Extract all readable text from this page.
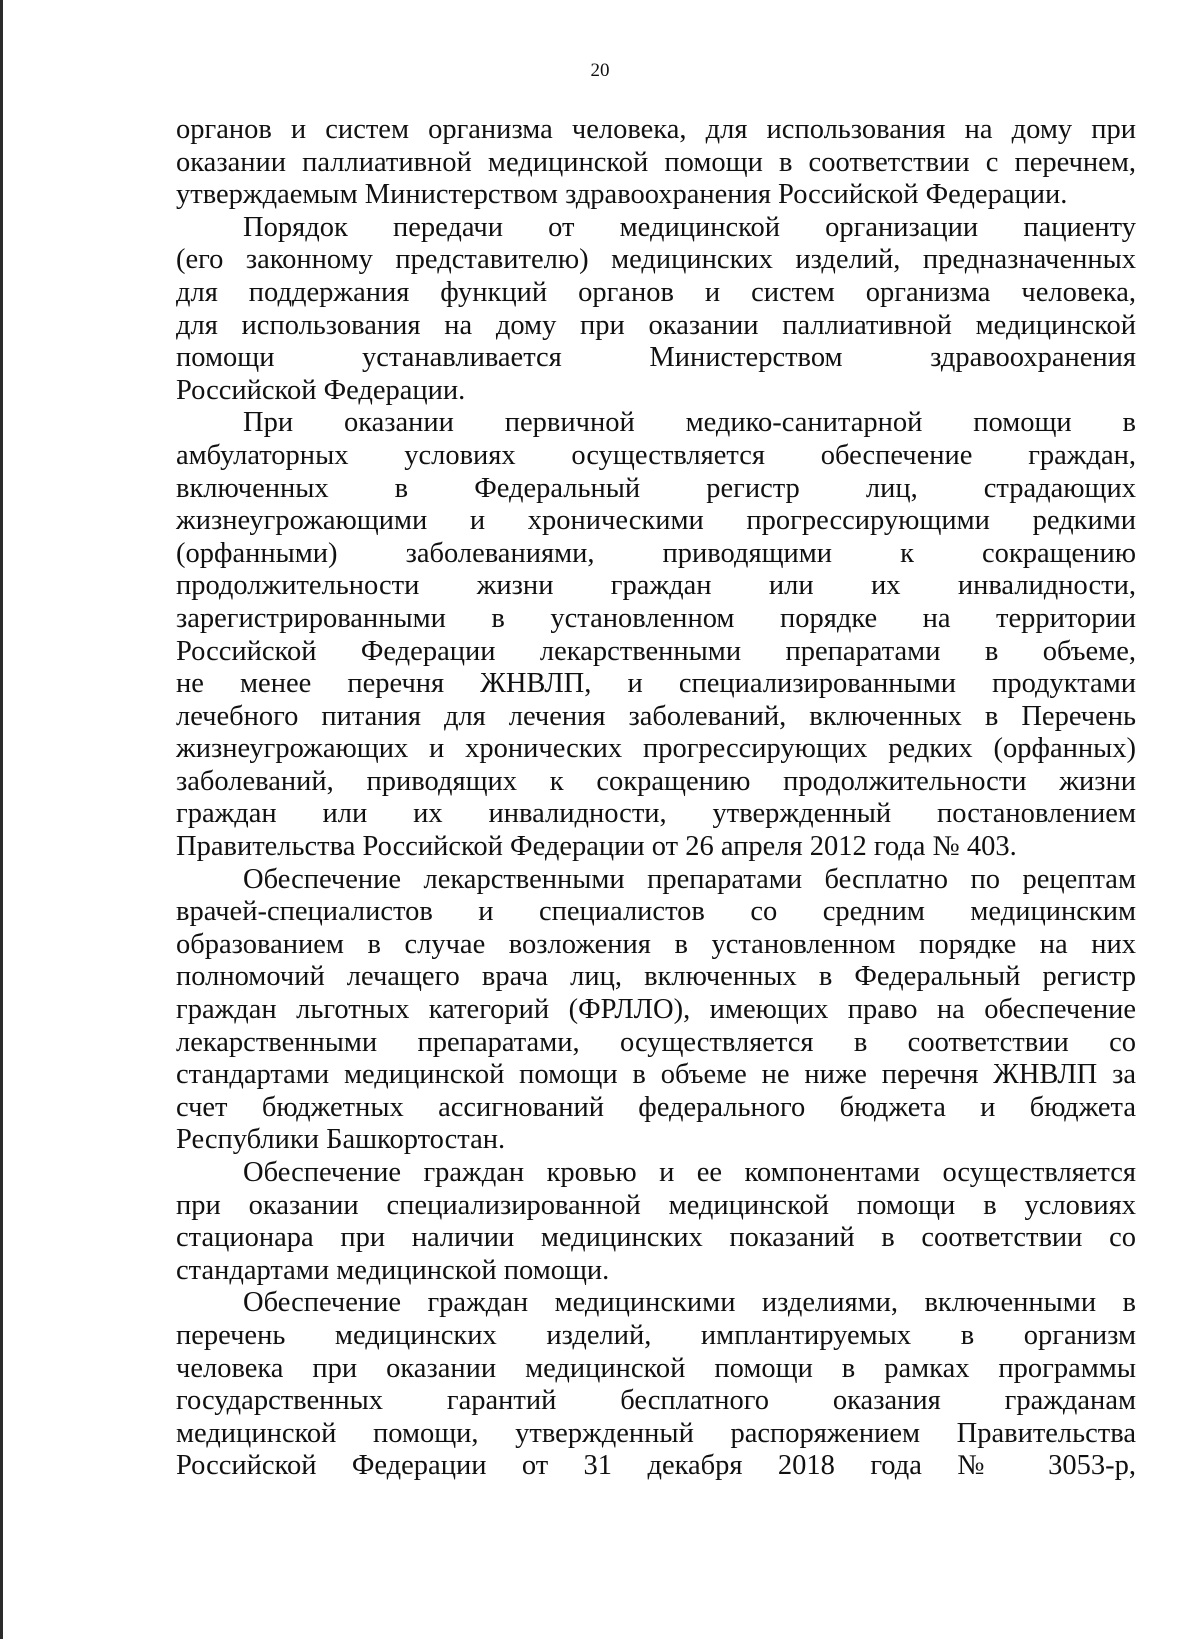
20

органов и систем организма человека, для использования на дому при
оказании паллиативной медицинской помощи в соответствии с перечнем,
утверждаемым Министерством здравоохранения Российской Федерации.

Порядок передачи от медицинской организации пациенту
(его законному представителю) медицинских изделий, предназначенных
для поддержания функций органов и систем организма человека,
для использования на дому при оказании паллиативной медицинской
помощи устанавливается Министерством здравоохранения
Российской Федерации.

При оказании первичной медико-санитарной помощи в
амбулаторных условиях осуществляется обеспечение граждан,
включенных в Федеральный регистр лиц, страдающих
жизнеугрожающими и хроническими прогрессирующими редкими
(орфанными) заболеваниями, приводящими к сокращению
продолжительности жизни граждан или их инвалидности,
зарегистрированными в установленном порядке на территории
Российской Федерации лекарственными препаратами в объеме,
не менее перечня ЖНВЛП, и специализированными продуктами
лечебного питания для лечения заболеваний, включенных в Перечень
жизнеугрожающих и хронических прогрессирующих редких (орфанных)
заболеваний, приводящих к сокращению продолжительности жизни
граждан или их инвалидности, утвержденный постановлением
Правительства Российской Федерации от 26 апреля 2012 года № 403.

Обеспечение лекарственными препаратами бесплатно по рецептам
врачей-специалистов и специалистов со средним медицинским
образованием в случае возложения в установленном порядке на них
полномочий лечащего врача лиц, включенных в Федеральный регистр
граждан льготных категорий (ФРЛЛО), имеющих право на обеспечение
лекарственными препаратами, осуществляется в соответствии со
стандартами медицинской помощи в объеме не ниже перечня ЖНВЛП за
счет бюджетных ассигнований федерального бюджета и бюджета
Республики Башкортостан.

Обеспечение граждан кровью и ее компонентами осуществляется
при оказании специализированной медицинской помощи в условиях
стационара при наличии медицинских показаний в соответствии со
стандартами медицинской помощи.

Обеспечение граждан медицинскими изделиями, включенными в
перечень медицинских изделий, имплантируемых в организм
человека при оказании медицинской помощи в рамках программы
государственных гарантий бесплатного оказания гражданам
медицинской помощи, утвержденный распоряжением Правительства
Российской Федерации от 31 декабря 2018 года № 3053-р,
